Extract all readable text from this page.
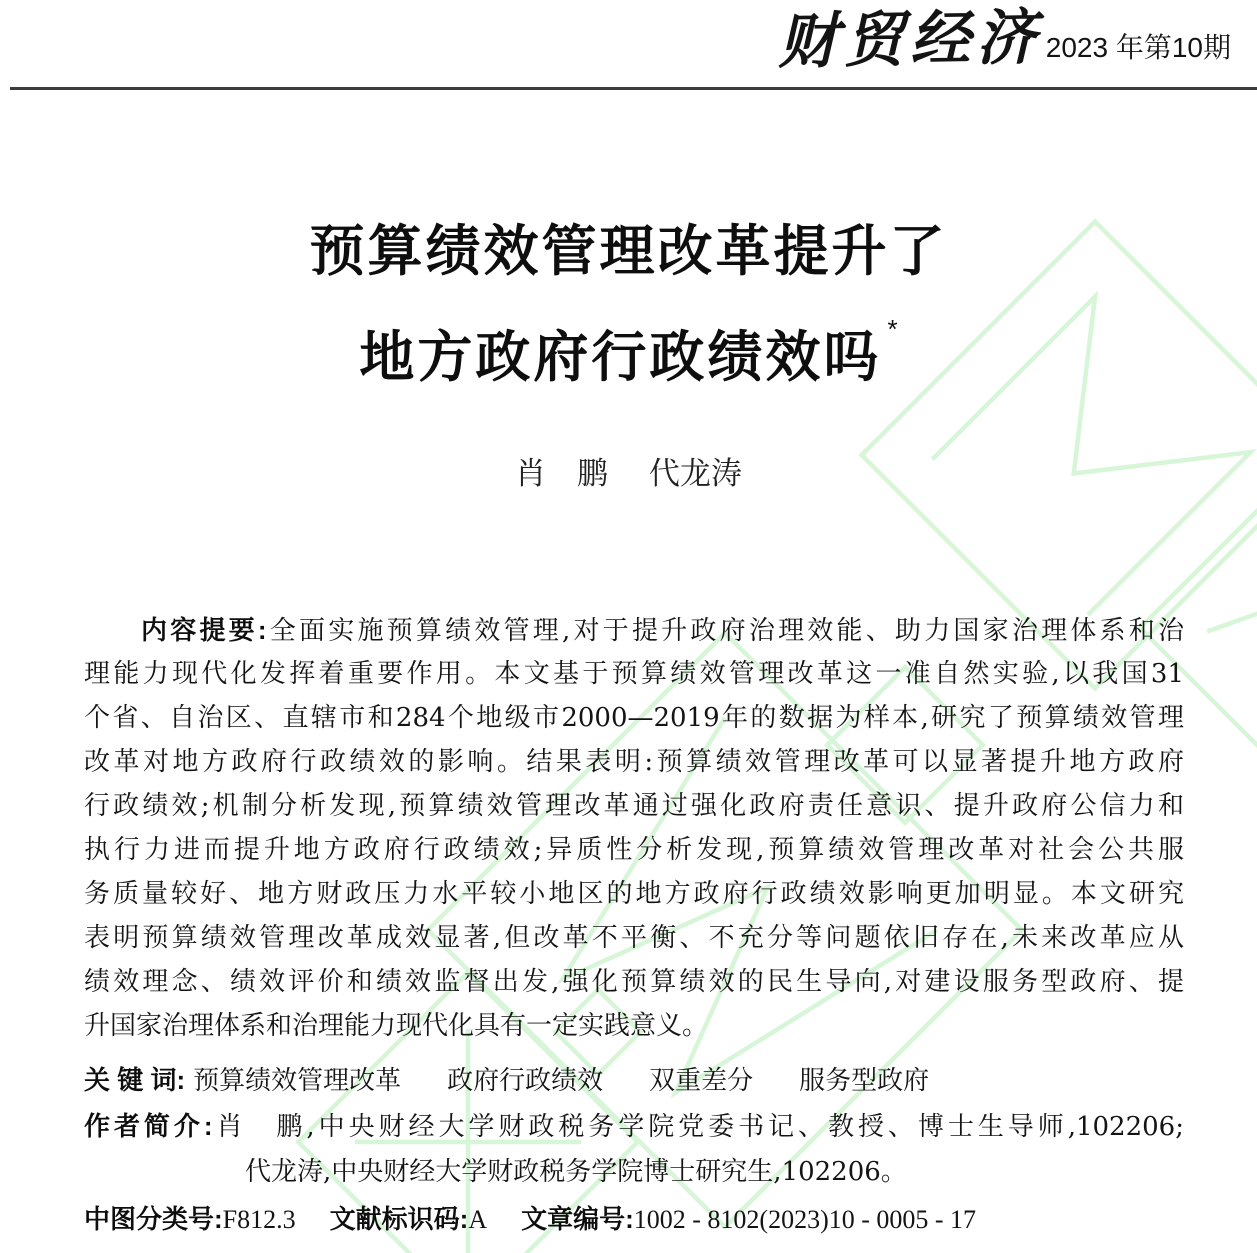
财贸经济 2023 年第10期
预算绩效管理改革提升了
地方政府行政绩效吗 *
肖　鹏　 代龙涛
内容提要:全面实施预算绩效管理,对于提升政府治理效能、助力国家治理体系和治
理能力现代化发挥着重要作用。本文基于预算绩效管理改革这一准自然实验,以我国31
个省、自治区、直辖市和284个地级市2000—2019年的数据为样本,研究了预算绩效管理
改革对地方政府行政绩效的影响。结果表明:预算绩效管理改革可以显著提升地方政府
行政绩效;机制分析发现,预算绩效管理改革通过强化政府责任意识、提升政府公信力和
执行力进而提升地方政府行政绩效;异质性分析发现,预算绩效管理改革对社会公共服
务质量较好、地方财政压力水平较小地区的地方政府行政绩效影响更加明显。本文研究
表明预算绩效管理改革成效显著,但改革不平衡、不充分等问题依旧存在,未来改革应从
绩效理念、绩效评价和绩效监督出发,强化预算绩效的民生导向,对建设服务型政府、提
升国家治理体系和治理能力现代化具有一定实践意义。
关 键 词: 预算绩效管理改革 政府行政绩效 双重差分 服务型政府
作者简介:肖　鹏,中央财经大学财政税务学院党委书记、教授、博士生导师,102206;
代龙涛,中央财经大学财政税务学院博士研究生,102206。
中图分类号:F812.3 文献标识码:A 文章编号:1002 - 8102(2023)10 - 0005 - 17
